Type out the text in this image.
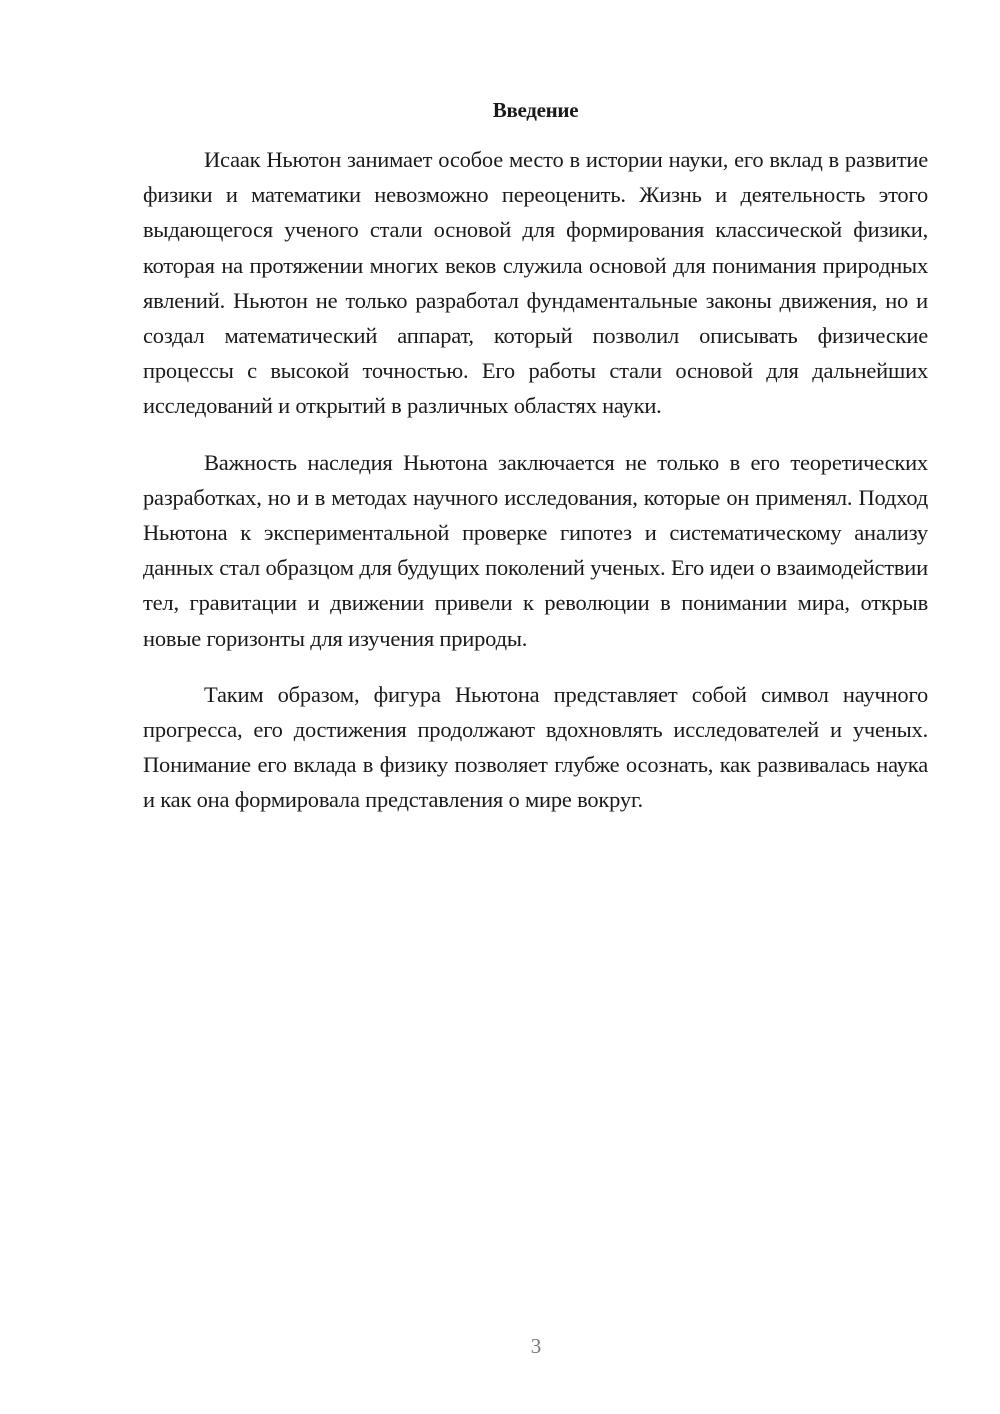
Введение

Исаак Ньютон занимает особое место в истории науки, его вклад в развитие физики и математики невозможно переоценить. Жизнь и деятельность этого выдающегося ученого стали основой для формирования классической физики, которая на протяжении многих веков служила основой для понимания природных явлений. Ньютон не только разработал фундаментальные законы движения, но и создал математический аппарат, который позволил описывать физические процессы с высокой точностью. Его работы стали основой для дальнейших исследований и открытий в различных областях науки.

Важность наследия Ньютона заключается не только в его теоретических разработках, но и в методах научного исследования, которые он применял. Подход Ньютона к экспериментальной проверке гипотез и систематическому анализу данных стал образцом для будущих поколений ученых. Его идеи о взаимодействии тел, гравитации и движении привели к революции в понимании мира, открыв новые горизонты для изучения природы.

Таким образом, фигура Ньютона представляет собой символ научного прогресса, его достижения продолжают вдохновлять исследователей и ученых. Понимание его вклада в физику позволяет глубже осознать, как развивалась наука и как она формировала представления о мире вокруг.

3
